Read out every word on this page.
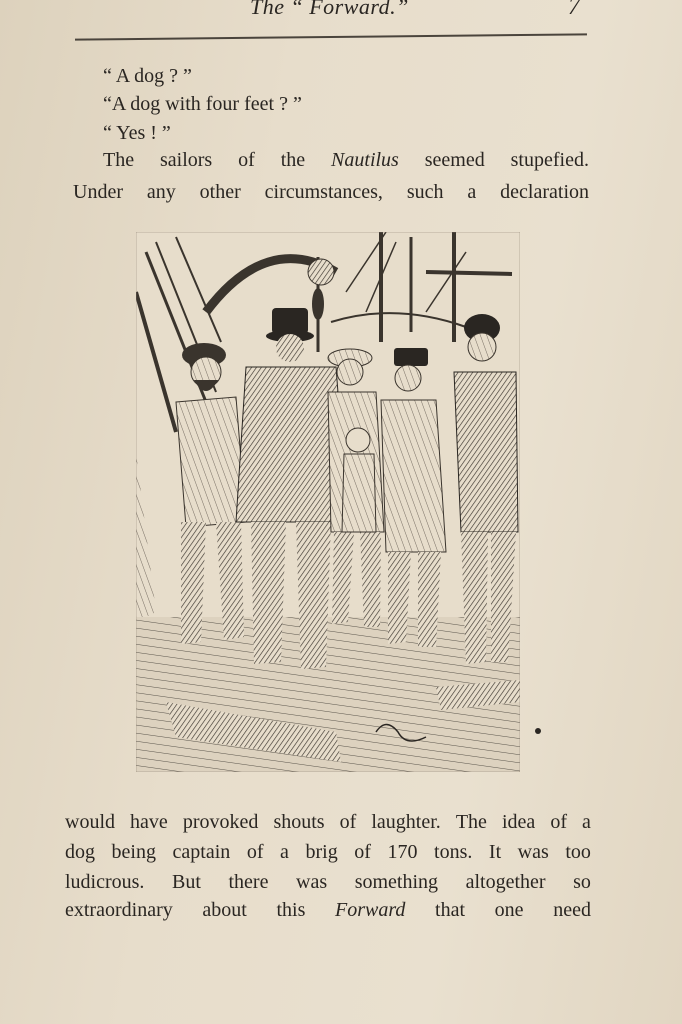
The “ Forward.”	7
“ A dog ? ”
“A dog with four feet ? ”
“ Yes ! ”
The sailors of the Nautilus seemed stupefied.
Under any other circumstances, such a declaration
would have provoked shouts of laughter. The idea of a
dog being captain of a brig of 170 tons. It was too
ludicrous. But there was something altogether so
extraordinary about this Forward that one need
